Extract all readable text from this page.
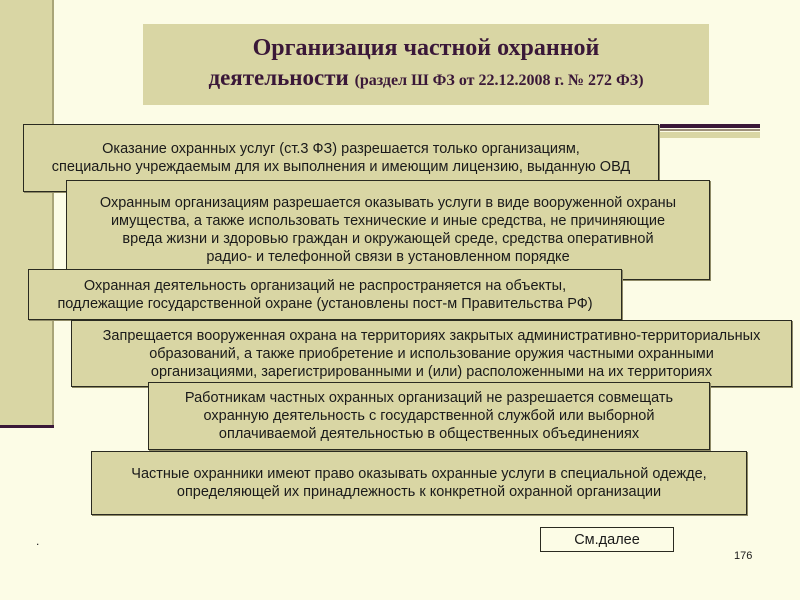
Организация частной охранной
деятельности (раздел Ш ФЗ от 22.12.2008 г. № 272 ФЗ)
Оказание охранных услуг (ст.3 ФЗ) разрешается только организациям,
специально учреждаемым для их выполнения и имеющим лицензию, выданную ОВД
Охранным организациям разрешается оказывать услуги в виде вооруженной охраны
имущества, а также использовать технические и иные средства, не причиняющие
вреда жизни и здоровью граждан и окружающей среде, средства оперативной
радио- и телефонной связи в установленном порядке
Охранная деятельность организаций не распространяется на объекты,
подлежащие государственной охране (установлены пост-м Правительства РФ)
Запрещается вооруженная охрана на территориях закрытых административно-территориальных
образований, а также приобретение и использование оружия частными охранными
организациями, зарегистрированными и (или) расположенными на их территориях
Работникам частных охранных организаций не разрешается совмещать
охранную деятельность с государственной службой или выборной
оплачиваемой деятельностью в общественных объединениях
Частные охранники имеют право оказывать охранные услуги в специальной одежде,
определяющей их принадлежность к конкретной охранной организации
.	См.далее
176
